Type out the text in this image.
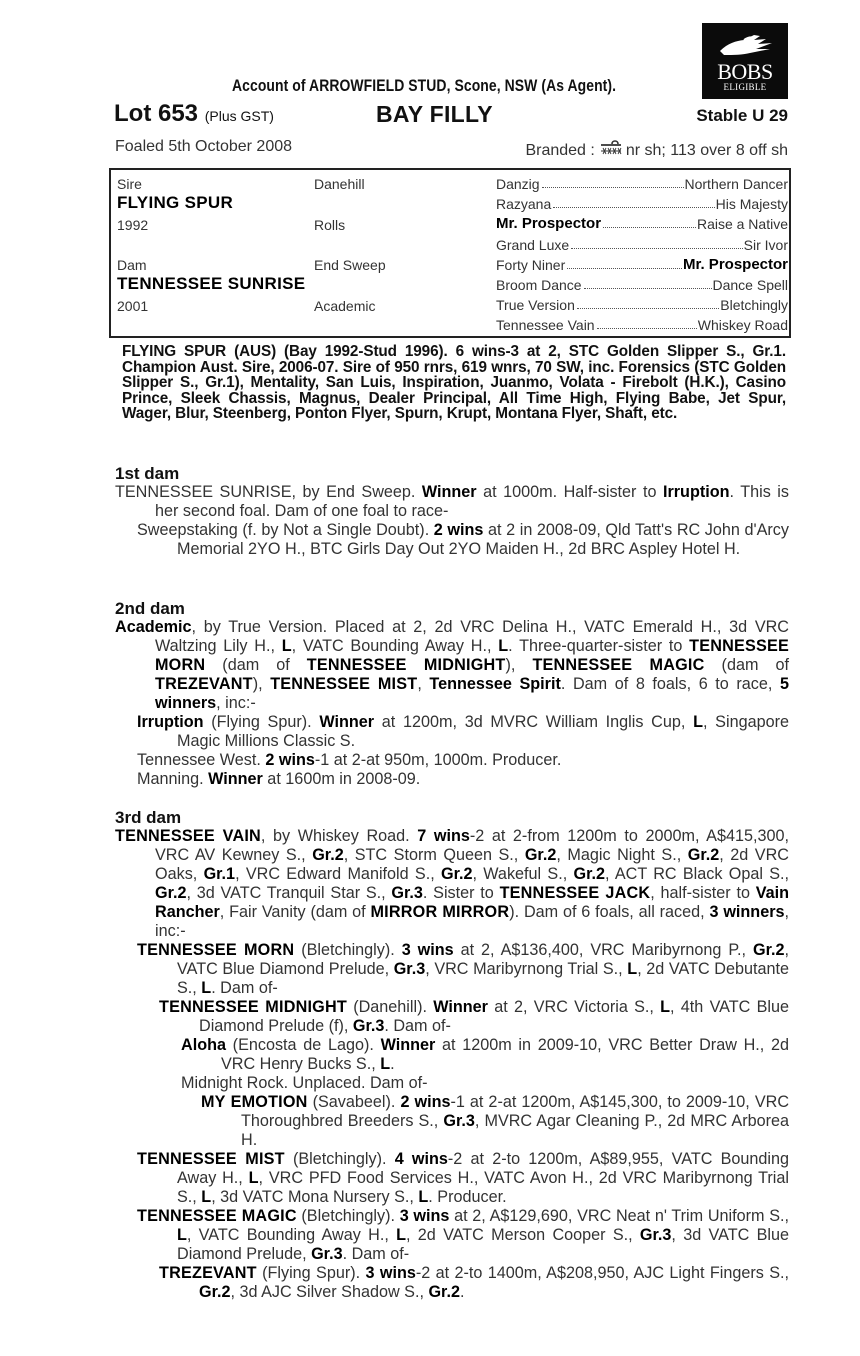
BOBS
ELIGIBLE
Account of ARROWFIELD STUD, Scone, NSW (As Agent).
Lot 653 (Plus GST)	BAY FILLY	Stable U 29
Foaled 5th October 2008	Branded : nr sh; 113 over 8 off sh
Sire
FLYING SPUR
1992
Dam
TENNESSEE SUNRISE
2001
Danehill
Rolls
End Sweep
Academic
Danzig	Northern Dancer
Razyana	His Majesty
Mr. Prospector	Raise a Native
Grand Luxe	Sir Ivor
Forty Niner	Mr. Prospector
Broom Dance	Dance Spell
True Version	Bletchingly
Tennessee Vain	Whiskey Road
FLYING SPUR (AUS) (Bay 1992-Stud 1996). 6 wins-3 at 2, STC Golden Slipper S., Gr.1. Champion Aust. Sire, 2006-07. Sire of 950 rnrs, 619 wnrs, 70 SW, inc. Forensics (STC Golden Slipper S., Gr.1), Mentality, San Luis, Inspiration, Juanmo, Volata - Firebolt (H.K.), Casino Prince, Sleek Chassis, Magnus, Dealer Principal, All Time High, Flying Babe, Jet Spur, Wager, Blur, Steenberg, Ponton Flyer, Spurn, Krupt, Montana Flyer, Shaft, etc.
1st dam

TENNESSEE SUNRISE, by End Sweep. Winner at 1000m. Half-sister to Irruption. This is her second foal. Dam of one foal to race-

Sweepstaking (f. by Not a Single Doubt). 2 wins at 2 in 2008-09, Qld Tatt's RC John d'Arcy Memorial 2YO H., BTC Girls Day Out 2YO Maiden H., 2d BRC Aspley Hotel H.

2nd dam

Academic, by True Version. Placed at 2, 2d VRC Delina H., VATC Emerald H., 3d VRC Waltzing Lily H., L, VATC Bounding Away H., L. Three-quarter-sister to TENNESSEE MORN (dam of TENNESSEE MIDNIGHT), TENNESSEE MAGIC (dam of TREZEVANT), TENNESSEE MIST, Tennessee Spirit. Dam of 8 foals, 6 to race, 5 winners, inc:-

Irruption (Flying Spur). Winner at 1200m, 3d MVRC William Inglis Cup, L, Singapore Magic Millions Classic S.

Tennessee West. 2 wins-1 at 2-at 950m, 1000m. Producer.

Manning. Winner at 1600m in 2008-09.

3rd dam

TENNESSEE VAIN, by Whiskey Road. 7 wins-2 at 2-from 1200m to 2000m, A$415,300, VRC AV Kewney S., Gr.2, STC Storm Queen S., Gr.2, Magic Night S., Gr.2, 2d VRC Oaks, Gr.1, VRC Edward Manifold S., Gr.2, Wakeful S., Gr.2, ACT RC Black Opal S., Gr.2, 3d VATC Tranquil Star S., Gr.3. Sister to TENNESSEE JACK, half-sister to Vain Rancher, Fair Vanity (dam of MIRROR MIRROR). Dam of 6 foals, all raced, 3 winners, inc:-

TENNESSEE MORN (Bletchingly). 3 wins at 2, A$136,400, VRC Maribyrnong P., Gr.2, VATC Blue Diamond Prelude, Gr.3, VRC Maribyrnong Trial S., L, 2d VATC Debutante S., L. Dam of-

TENNESSEE MIDNIGHT (Danehill). Winner at 2, VRC Victoria S., L, 4th VATC Blue Diamond Prelude (f), Gr.3. Dam of-

Aloha (Encosta de Lago). Winner at 1200m in 2009-10, VRC Better Draw H., 2d VRC Henry Bucks S., L.

Midnight Rock. Unplaced. Dam of-

MY EMOTION (Savabeel). 2 wins-1 at 2-at 1200m, A$145,300, to 2009-10, VRC Thoroughbred Breeders S., Gr.3, MVRC Agar Cleaning P., 2d MRC Arborea H.

TENNESSEE MIST (Bletchingly). 4 wins-2 at 2-to 1200m, A$89,955, VATC Bounding Away H., L, VRC PFD Food Services H., VATC Avon H., 2d VRC Maribyrnong Trial S., L, 3d VATC Mona Nursery S., L. Producer.

TENNESSEE MAGIC (Bletchingly). 3 wins at 2, A$129,690, VRC Neat n' Trim Uniform S., L, VATC Bounding Away H., L, 2d VATC Merson Cooper S., Gr.3, 3d VATC Blue Diamond Prelude, Gr.3. Dam of-

TREZEVANT (Flying Spur). 3 wins-2 at 2-to 1400m, A$208,950, AJC Light Fingers S., Gr.2, 3d AJC Silver Shadow S., Gr.2.
